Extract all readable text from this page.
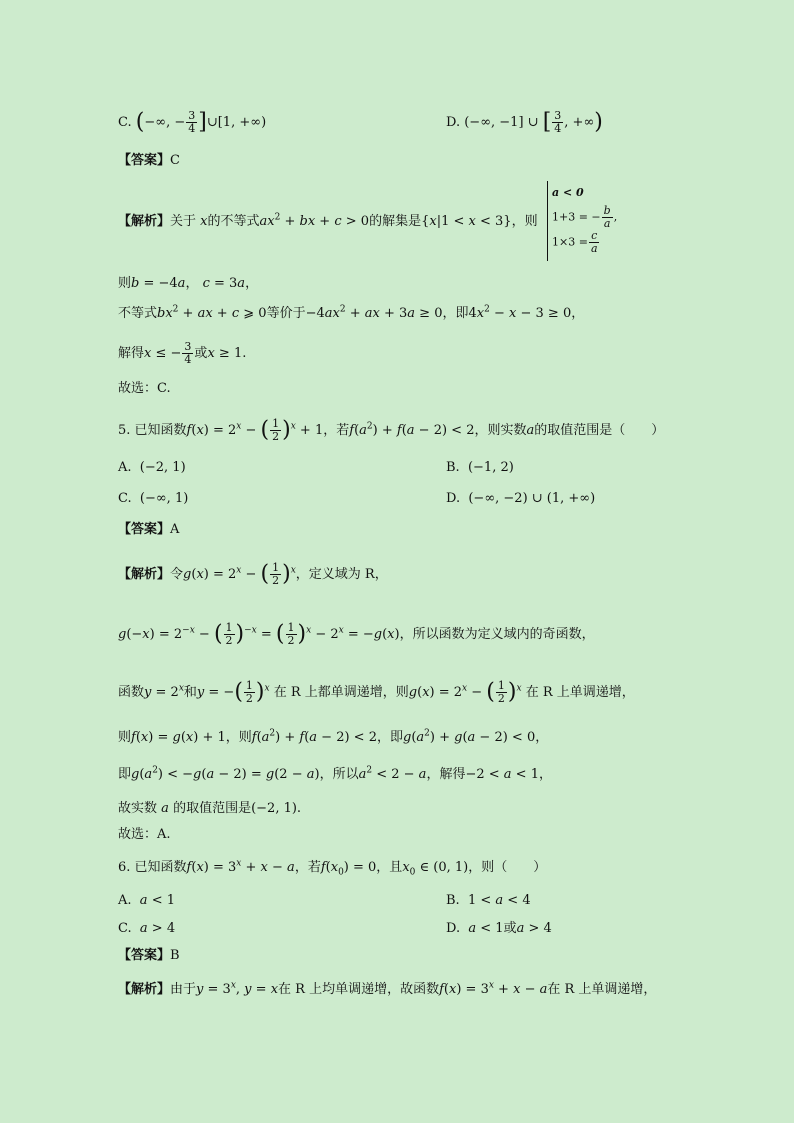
C. (−∞, − $\frac{3}{4}$ ]∪[1, +∞)	D. (−∞, −1] ∪ [ $\frac{3}{4}$ , +∞)
【答案】C
【解析】关于 x的不等式$ax^2$ + bx + c > 0的解集是{x|1 < x < 3}，则
a < 0
1+3 = − $\frac{b}{a}$ ,
$1\times 3 = \frac{c}{a}$
则b = −4a， c = 3a，
不等式$bx^2$ + ax + c ⩾ 0等价于$-4ax^2$ + ax + 3a ≥ 0，即$4x^2 - x - 3 \ge 0$，
解得x ≤ − $\frac{3}{4}$ 或x ≥ 1.
故选：C.
5. 已知函数$f(x) = 2^x$ − ( $\frac{1}{2} )^x + 1$，若$f(a^2) + f(a - 2) < 2$，则实数a的取值范围是（　　）
A.  (−2, 1)	B.  (−1, 2)
C.  (−∞, 1)	D.  (−∞, −2) ∪ (1, +∞)
【答案】A
【解析】令$g(x) = 2^x$ − ( $\frac{1}{2} )^x$，定义域为 R，
$g(-x) = 2^{-x}$ − ( $\frac{1}{2} )^{-x}$ = ( $\frac{1}{2} )^x - 2^x = -g(x)$，所以函数为定义域内的奇函数，
函数$y = 2^x$和y = −( $\frac{1}{2} )^x$ 在 R 上都单调递增，则$g(x) = 2^x$ − ( $\frac{1}{2} )^x$ 在 R 上单调递增，
则f(x) = g(x) + 1，则$f(a^2) + f(a - 2) < 2$，即$g(a^2) + g(a - 2) < 0$，
即$g(a^2) < -g(a - 2) = g(2 - a)$，所以$a^2 < 2 - a$，解得−2 < a < 1，
故实数 a 的取值范围是(−2, 1).
故选：A.
6. 已知函数$f(x) = 3^x + x - a$，若$f(x_0) = 0$，且$x_0$ ∈ (0, 1)，则（　　）
A. a < 1	B.  1 < a < 4
C. a > 4	D. a < 1或a > 4
【答案】B
【解析】由于$y = 3^x$, y = x在 R 上均单调递增，故函数$f(x) = 3^x + x - a$在 R 上单调递增，
